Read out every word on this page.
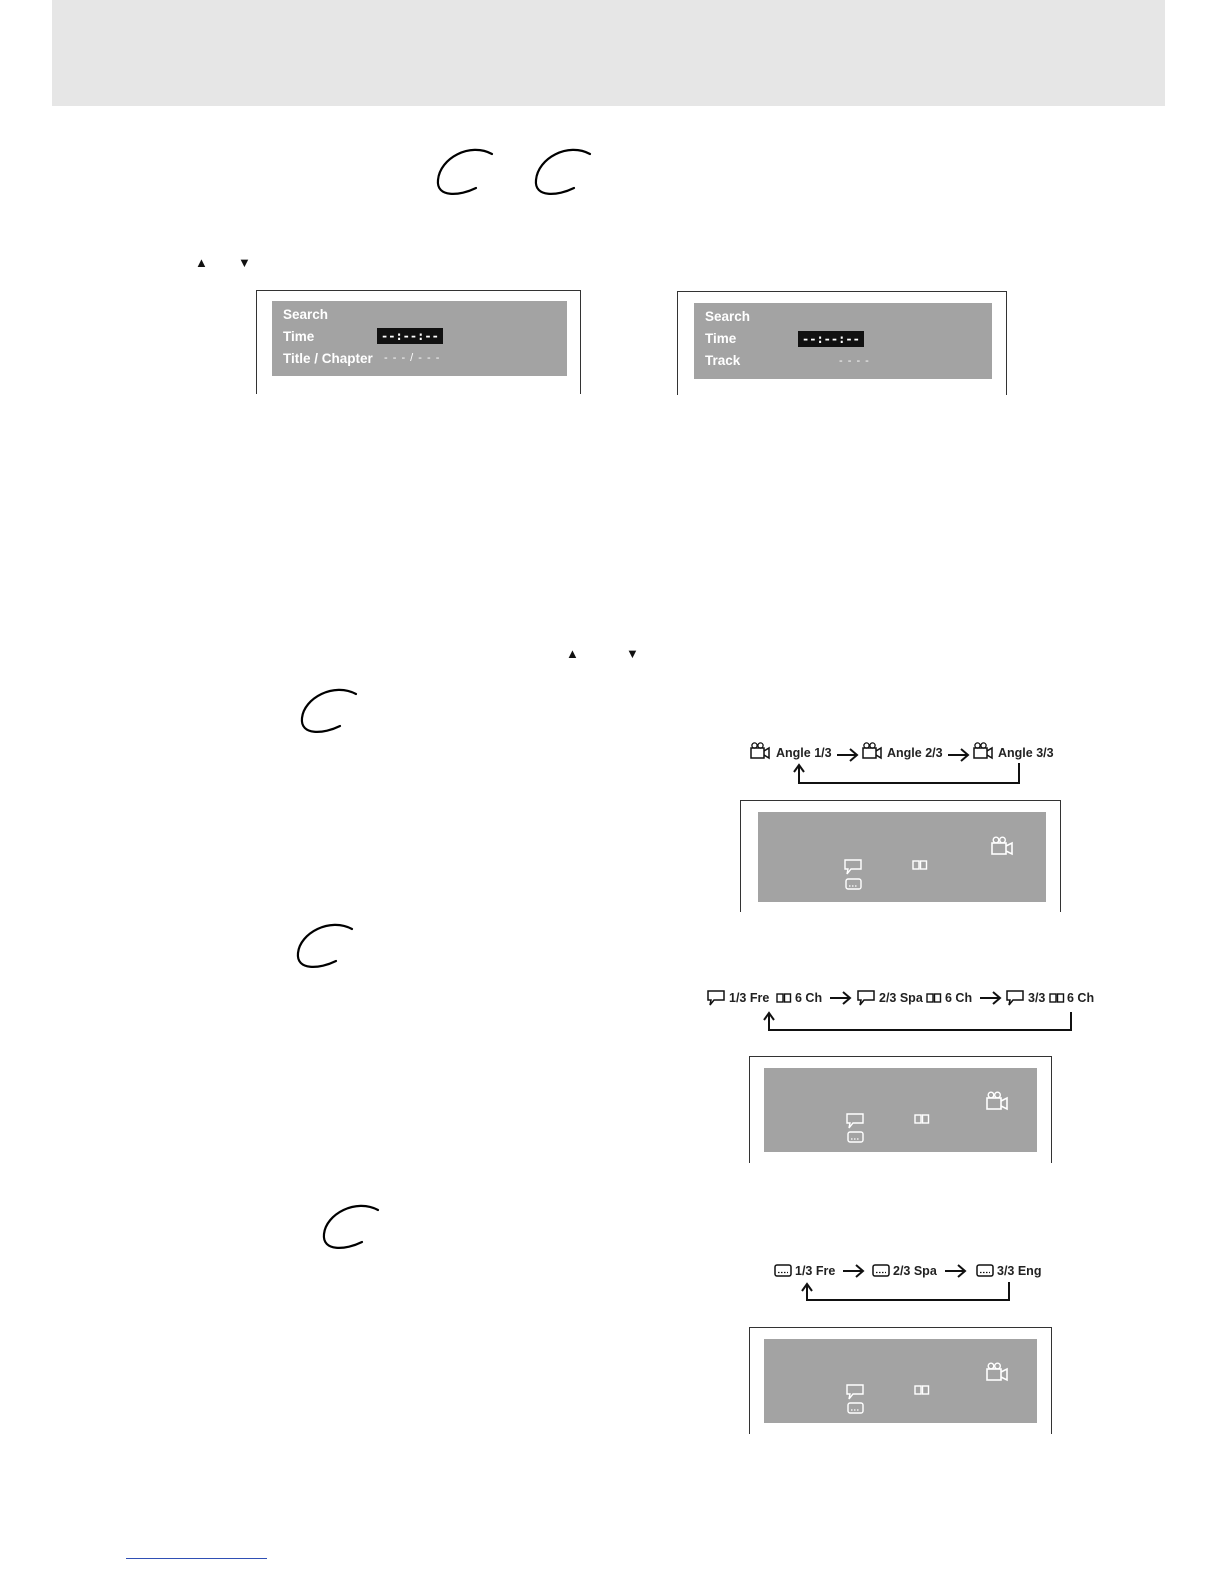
▲ ▼
Search
Time	--:--:--
Title / Chapter - - - / - - -
Search
Time	--:--:--
Track	- - - -
▲	▼
Angle 1/3	Angle 2/3	Angle 3/3
1/3 Fre 6 Ch	2/3 Spa 6 Ch	3/3 6 Ch
1/3 Fre	2/3 Spa	3/3 Eng
